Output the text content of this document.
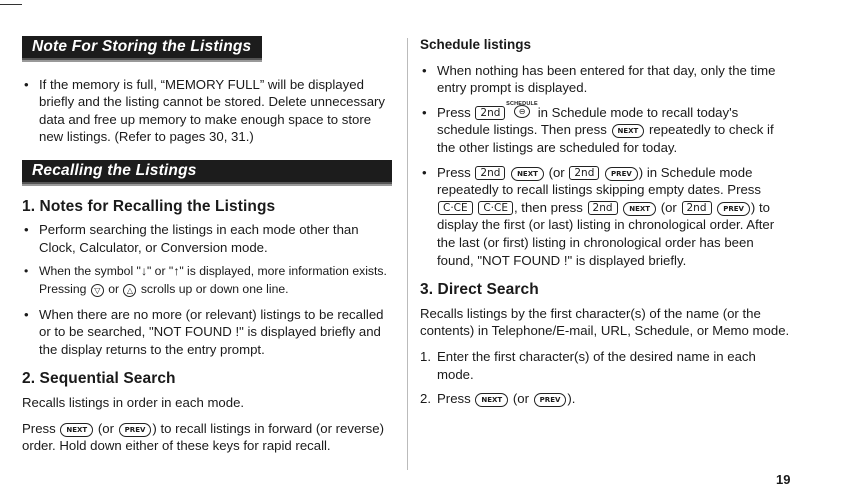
Note For Storing the Listings
• If the memory is full, “MEMORY FULL” will be displayed briefly and the listing cannot be stored. Delete unnecessary data and free up memory to make enough space to store new listings. (Refer to pages 30, 31.)
Recalling the Listings
1. Notes for Recalling the Listings
• Perform searching the listings in each mode other than Clock, Calculator, or Conversion mode.
• When the symbol "↓" or "↑" is displayed, more information exists. Pressing ▽ or △ scrolls up or down one line.
• When there are no more (or relevant) listings to be recalled or to be searched, "NOT FOUND !" is displayed briefly and the display returns to the entry prompt.
2. Sequential Search

Recalls listings in order in each mode.

Press NEXT (or PREV ) to recall listings in forward (or reverse) order. Hold down either of these keys for rapid recall.

Schedule listings
• When nothing has been entered for that day, only the time entry prompt is displayed.
• Press 2nd
SCHEDULE
⊖ in Schedule mode to recall today's schedule listings. Then press NEXT repeatedly to check if the other listings are scheduled for today.
• Press 2nd NEXT (or 2nd PREV ) in Schedule mode repeatedly to recall listings skipping empty dates. Press C·CE C·CE , then press 2nd NEXT (or 2nd PREV ) to display the first (or last) listing in chronological order. After the last (or first) listing in chronological order has been found, "NOT FOUND !" is displayed briefly.
3. Direct Search

Recalls listings by the first character(s) of the name (or the contents) in Telephone/E-mail, URL, Schedule, or Memo mode.

1. Enter the first character(s) of the desired name in each mode.
2. Press NEXT (or PREV ).
19
